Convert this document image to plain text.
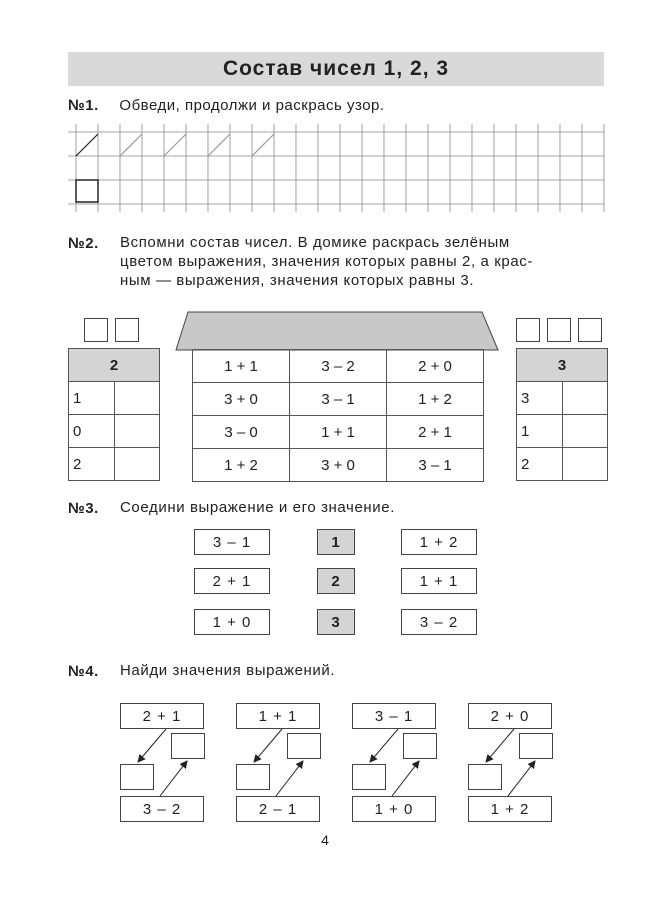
Состав чисел 1, 2, 3
№1. Обведи, продолжи и раскрась узор.
№2.	Вспомни состав чисел. В домике раскрась зелёным
цветом выражения, значения которых равны 2, а крас-
ным — выражения, значения которых равны 3.
2	
1	
0	
2	
1 + 1	3 – 2	2 + 0
3 + 0	3 – 1	1 + 2
3 – 0	1 + 1	2 + 1
1 + 2	3 + 0	3 – 1
3	
3	
1	
2	
№3.	Соедини выражение и его значение.
3 – 1
2 + 1
1 + 0
1
2
3
1 + 2
1 + 1
3 – 2
№4.	Найди значения выражений.
2 + 1
3 – 2
1 + 1
2 – 1
3 – 1
1 + 0
2 + 0
1 + 2
4
